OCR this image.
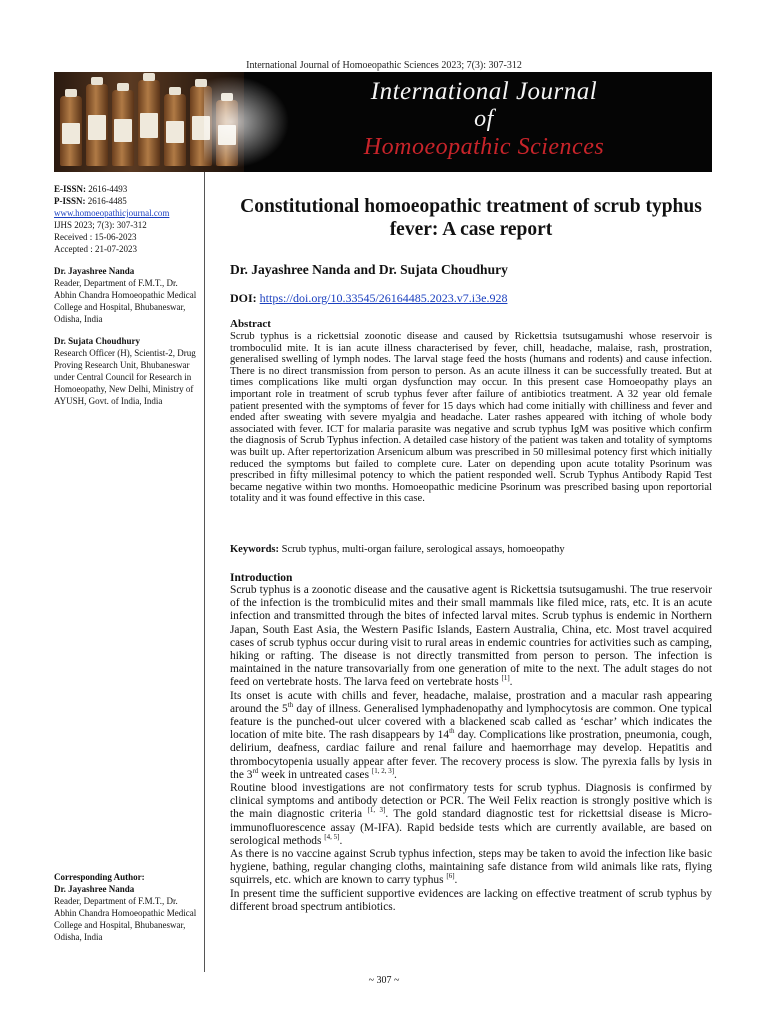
International Journal of Homoeopathic Sciences 2023; 7(3): 307-312
International Journal
of
Homoeopathic Sciences

E-ISSN: 2616-4493

P-ISSN: 2616-4485

www.homoeopathicjournal.com

IJHS 2023; 7(3): 307-312

Received : 15-06-2023

Accepted : 21-07-2023

Dr. Jayashree Nanda

Reader, Department of F.M.T., Dr. Abhin Chandra Homoeopathic Medical College and Hospital, Bhubaneswar, Odisha, India

Dr. Sujata Choudhury

Research Officer (H), Scientist-2, Drug Proving Research Unit, Bhubaneswar under Central Council for Research in Homoeopathy, New Delhi, Ministry of AYUSH, Govt. of India, India

Corresponding Author:

Dr. Jayashree Nanda

Reader, Department of F.M.T., Dr. Abhin Chandra Homoeopathic Medical College and Hospital, Bhubaneswar, Odisha, India

Constitutional homoeopathic treatment of scrub typhus fever: A case report
Dr. Jayashree Nanda and Dr. Sujata Choudhury
DOI: https://doi.org/10.33545/26164485.2023.v7.i3e.928
Abstract

Scrub typhus is a rickettsial zoonotic disease and caused by Rickettsia tsutsugamushi whose reservoir is tromboculid mite. It is ian acute illness characterised by fever, chill, headache, malaise, rash, prostration, generalised swelling of lymph nodes. The larval stage feed the hosts (humans and rodents) and cause infection. There is no direct transmission from person to person. As an acute illness it can be successfully treated. But at times complications like multi organ dysfunction may occur. In this present case Homoeopathy plays an important role in treatment of scrub typhus fever after failure of antibiotics treatment. A 32 year old female patient presented with the symptoms of fever for 15 days which had come initially with chilliness and fever and ended after sweating with severe myalgia and headache. Later rashes appeared with itching of whole body associated with fever. ICT for malaria parasite was negative and scrub typhus IgM was positive which confirm the diagnosis of Scrub Typhus infection. A detailed case history of the patient was taken and totality of symptoms was built up. After repertorization Arsenicum album was prescribed in 50 millesimal potency first which initially reduced the symptoms but failed to complete cure. Later on depending upon acute totality Psorinum was prescribed in fifty millesimal potency to which the patient responded well. Scrub Typhus Antibody Rapid Test became negative within two months. Homoeopathic medicine Psorinum was prescribed basing upon reportorial totality and it was found effective in this case.

Keywords: Scrub typhus, multi-organ failure, serological assays, homoeopathy
Introduction

Scrub typhus is a zoonotic disease and the causative agent is Rickettsia tsutsugamushi. The true reservoir of the infection is the trombiculid mites and their small mammals like filed mice, rats, etc. It is an acute infection and transmitted through the bites of infected larval mites. Scrub typhus is endemic in Northern Japan, South East Asia, the Western Pasific Islands, Eastern Australia, China, etc. Most travel acquired cases of scrub typhus occur during visit to rural areas in endemic countries for activities such as camping, hiking or rafting. The disease is not directly transmitted from person to person. The infection is maintained in the nature transovarially from one generation of mite to the next. The adult stages do not feed on vertebrate hosts. The larva feed on vertebrate hosts [1].

Its onset is acute with chills and fever, headache, malaise, prostration and a macular rash appearing around the 5th day of illness. Generalised lymphadenopathy and lymphocytosis are common. One typical feature is the punched-out ulcer covered with a blackened scab called as ‘eschar’ which indicates the location of mite bite. The rash disappears by 14th day. Complications like prostration, pneumonia, cough, delirium, deafness, cardiac failure and renal failure and haemorrhage may develop. Hepatitis and thrombocytopenia usually appear after fever. The recovery process is slow. The pyrexia falls by lysis in the 3rd week in untreated cases [1, 2, 3].

Routine blood investigations are not confirmatory tests for scrub typhus. Diagnosis is confirmed by clinical symptoms and antibody detection or PCR. The Weil Felix reaction is strongly positive which is the main diagnostic criteria [1, 3]. The gold standard diagnostic test for rickettsial disease is Micro-immunofluorescence assay (M-IFA). Rapid bedside tests which are currently available, are based on serological methods [4, 5].

As there is no vaccine against Scrub typhus infection, steps may be taken to avoid the infection like basic hygiene, bathing, regular changing cloths, maintaining safe distance from wild animals like rats, flying squirrels, etc. which are known to carry typhus [6].

In present time the sufficient supportive evidences are lacking on effective treatment of scrub typhus by different broad spectrum antibiotics.

~ 307 ~
